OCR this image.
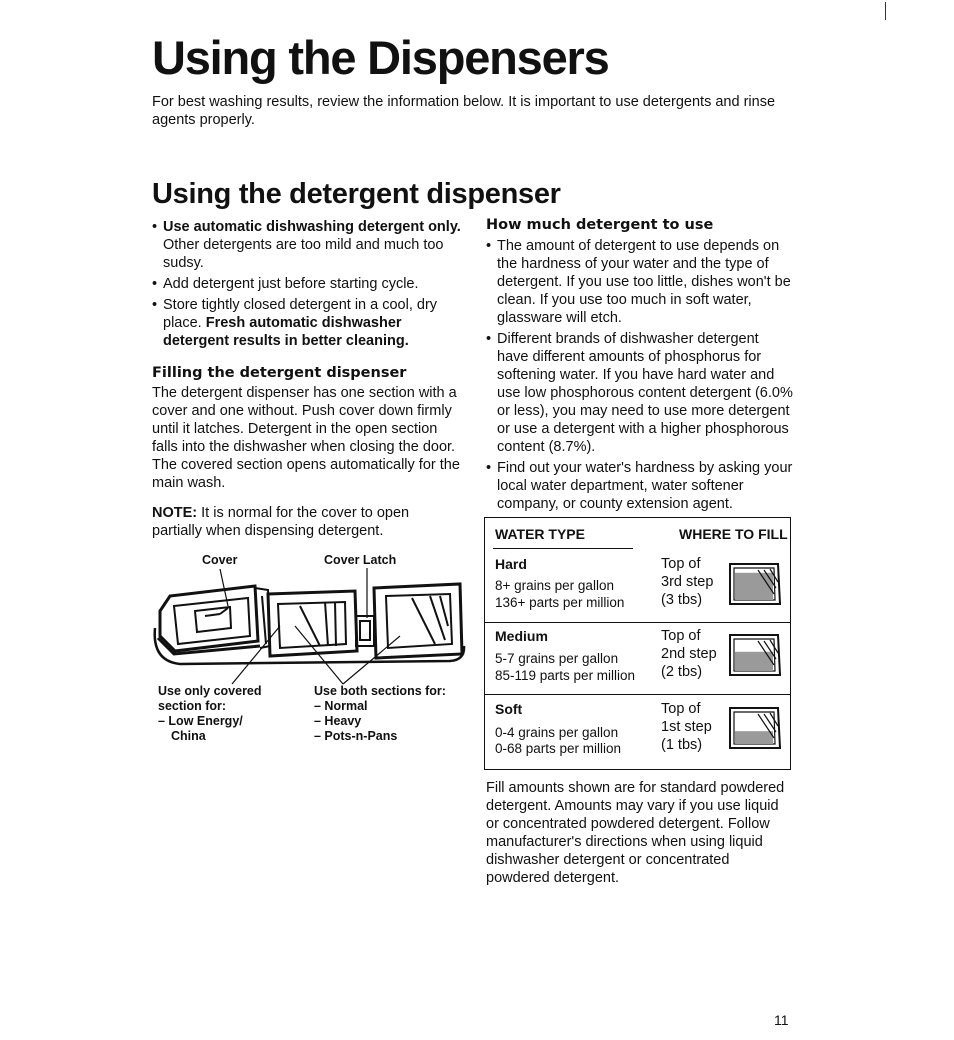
Using the Dispensers

For best washing results, review the information below. It is important to use detergents and rinse agents properly.

Using the detergent dispenser
• Use automatic dishwashing detergent only. Other detergents are too mild and much too sudsy.
• Add detergent just before starting cycle.
• Store tightly closed detergent in a cool, dry place. Fresh automatic dishwasher detergent results in better cleaning.
Filling the detergent dispenser

The detergent dispenser has one section with a cover and one without. Push cover down firmly until it latches. Detergent in the open section falls into the dishwasher when closing the door. The covered section opens automatically for the main wash.

NOTE: It is normal for the cover to open partially when dispensing detergent.

Cover	Cover Latch
Use only covered
section for:
– Low Energy/
China
Use both sections for:
– Normal
– Heavy
– Pots-n-Pans
How much detergent to use
• The amount of detergent to use depends on the hardness of your water and the type of detergent. If you use too little, dishes won't be clean. If you use too much in soft water, glassware will etch.
• Different brands of dishwasher detergent have different amounts of phosphorus for softening water. If you have hard water and use low phosphorous content detergent (6.0% or less), you may need to use more detergent or use a detergent with a higher phosphorous content (8.7%).
• Find out your water's hardness by asking your local water department, water softener company, or county extension agent.
WATER TYPE	WHERE TO FILL
Hard
8+ grains per gallon
136+ parts per million
Top of
3rd step
(3 tbs)
Medium
5-7 grains per gallon
85-119 parts per million
Top of
2nd step
(2 tbs)
Soft
0-4 grains per gallon
0-68 parts per million
Top of
1st step
(1 tbs)

Fill amounts shown are for standard powdered detergent. Amounts may vary if you use liquid or concentrated powdered detergent. Follow manufacturer's directions when using liquid dishwasher detergent or concentrated powdered detergent.

11
